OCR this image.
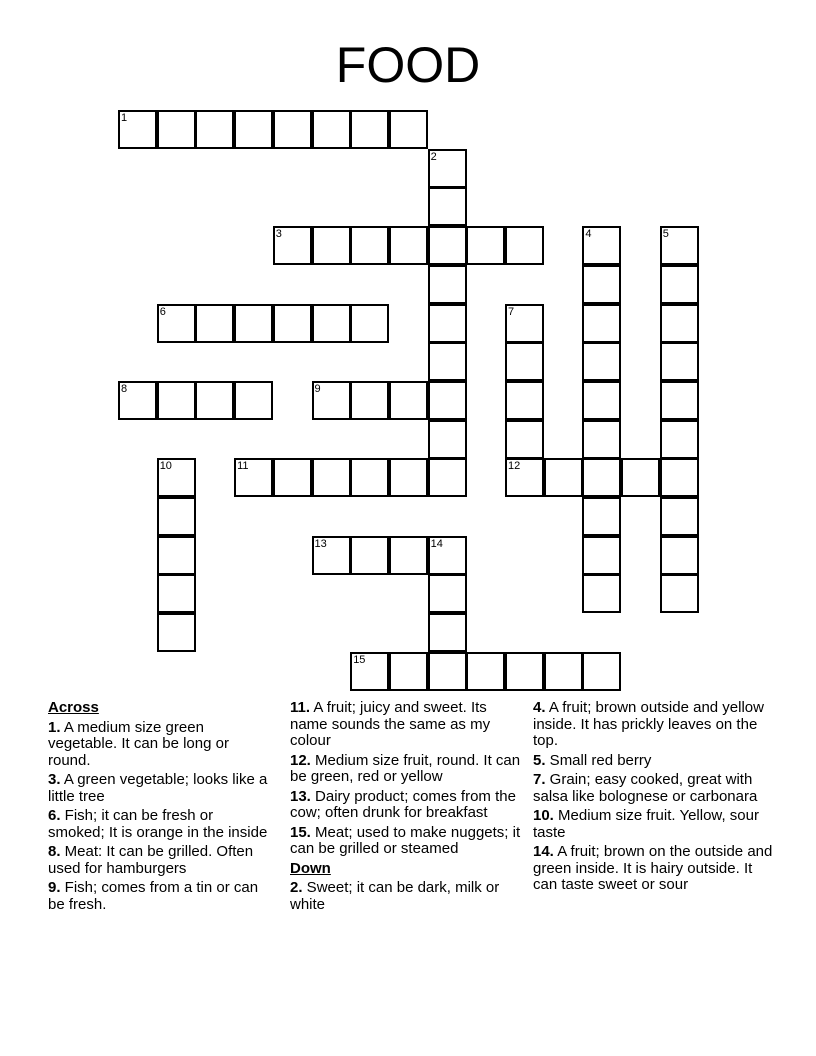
FOOD
1
2
3	4	5
6	7
8	9
10	11	12
13	14
15
Across
1. A medium size green vegetable. It can be long or round.
3. A green vegetable; looks like a little tree
6. Fish; it can be fresh or smoked; It is orange in the inside
8. Meat: It can be grilled. Often used for hamburgers
9. Fish; comes from a tin or can be fresh.
11. A fruit; juicy and sweet. Its name sounds the same as my colour
12. Medium size fruit, round. It can be green, red or yellow
13. Dairy product; comes from the cow; often drunk for breakfast
15. Meat; used to make nuggets; it can be grilled or steamed
Down
2. Sweet; it can be dark, milk or white
4. A fruit; brown outside and yellow inside. It has prickly leaves on the top.
5. Small red berry
7. Grain; easy cooked, great with salsa like bolognese or carbonara
10. Medium size fruit. Yellow, sour taste
14. A fruit; brown on the outside and green inside. It is hairy outside. It can taste sweet or sour
